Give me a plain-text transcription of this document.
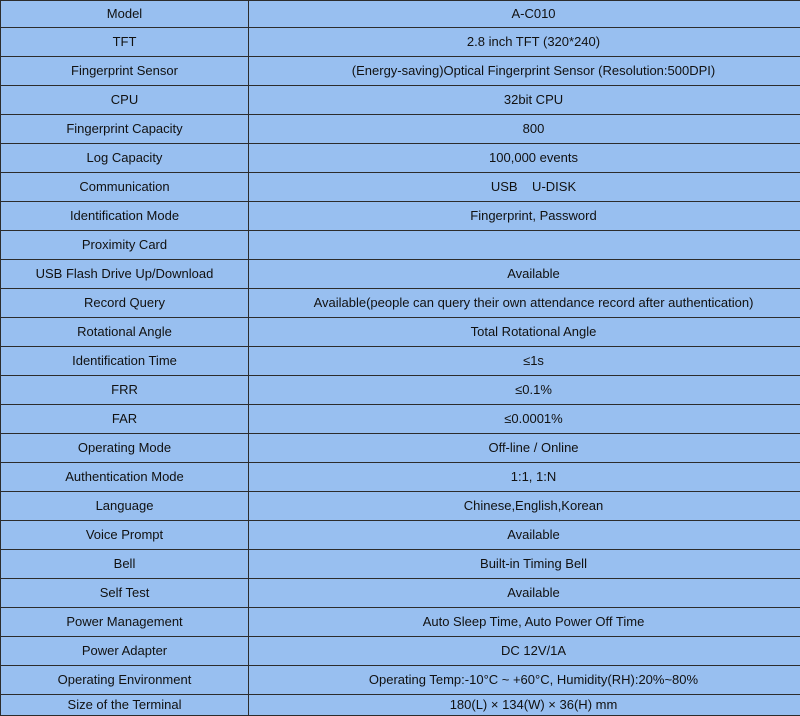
Model	A-C010
TFT	2.8 inch TFT (320*240)
Fingerprint Sensor	(Energy-saving)Optical Fingerprint Sensor (Resolution:500DPI)
CPU	32bit CPU
Fingerprint Capacity	800
Log Capacity	100,000 events
Communication	USB    U-DISK
Identification Mode	Fingerprint, Password
Proximity Card	
USB Flash Drive Up/Download	Available
Record Query	Available(people can query their own attendance record after authentication)
Rotational Angle	Total Rotational Angle
Identification Time	≤1s
FRR	≤0.1%
FAR	≤0.0001%
Operating Mode	Off-line / Online
Authentication Mode	1:1, 1:N
Language	Chinese,English,Korean
Voice Prompt	Available
Bell	Built-in Timing Bell
Self Test	Available
Power Management	Auto Sleep Time, Auto Power Off Time
Power Adapter	DC 12V/1A
Operating Environment	Operating Temp:-10°C ~ +60°C, Humidity(RH):20%~80%
Size of the Terminal	180(L) × 134(W) × 36(H) mm
